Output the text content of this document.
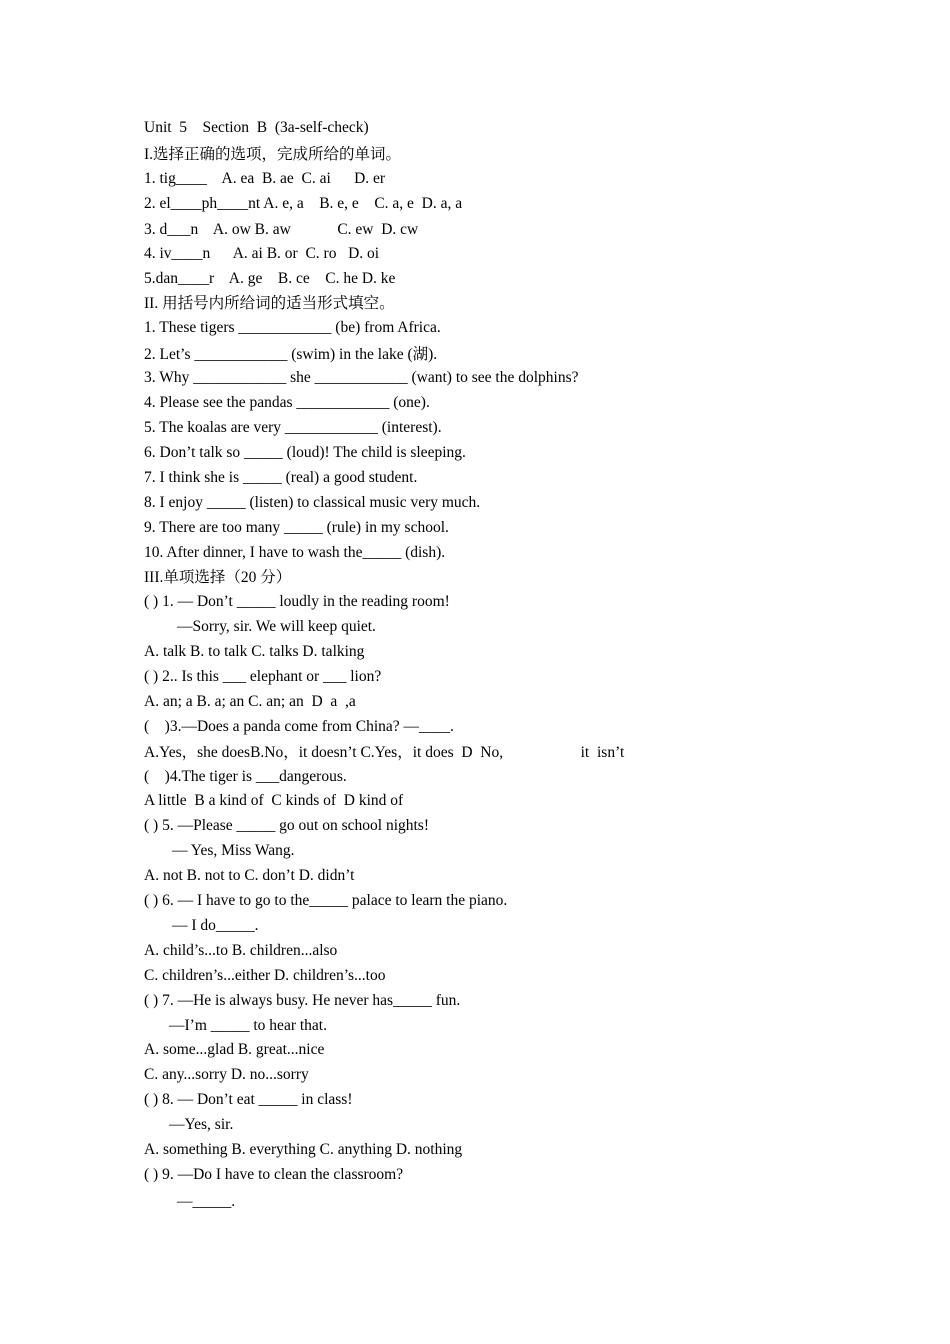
Unit  5    Section  B  (3a-self-check)
I.选择正确的选项，完成所给的单词。
1. tig____    A. ea  B. ae  C. ai      D. er
2. el____ph____nt A. e, a    B. e, e    C. a, e  D. a, a
3. d___n    A. ow B. aw            C. ew  D. cw
4. iv____n      A. ai B. or  C. ro   D. oi
5.dan____r    A. ge    B. ce    C. he D. ke
II. 用括号内所给词的适当形式填空。
1. These tigers ____________ (be) from Africa.
2. Let’s ____________ (swim) in the lake (湖).
3. Why ____________ she ____________ (want) to see the dolphins?
4. Please see the pandas ____________ (one).
5. The koalas are very ____________ (interest).
6. Don’t talk so _____ (loud)! The child is sleeping.
7. I think she is _____ (real) a good student.
8. I enjoy _____ (listen) to classical music very much.
9. There are too many _____ (rule) in my school.
10. After dinner, I have to wash the_____ (dish).
III.单项选择（20 分）
( ) 1. — Don’t _____ loudly in the reading room!
—Sorry, sir. We will keep quiet.
A. talk B. to talk C. talks D. talking
( ) 2.. Is this ___ elephant or ___ lion?
A. an; a B. a; an C. an; an  D  a  ,a
(    )3.—Does a panda come from China? —____.
A.Yes，she doesB.No，it doesn’t C.Yes，it does  D  No,                    it  isn’t
(    )4.The tiger is ___dangerous.
A little  B a kind of  C kinds of  D kind of
( ) 5. —Please _____ go out on school nights!
— Yes, Miss Wang.
A. not B. not to C. don’t D. didn’t
( ) 6. — I have to go to the_____ palace to learn the piano.
— I do_____.
A. child’s...to B. children...also
C. children’s...either D. children’s...too
( ) 7. —He is always busy. He never has_____ fun.
—I’m _____ to hear that.
A. some...glad B. great...nice
C. any...sorry D. no...sorry
( ) 8. — Don’t eat _____ in class!
—Yes, sir.
A. something B. everything C. anything D. nothing
( ) 9. —Do I have to clean the classroom?
—_____.
